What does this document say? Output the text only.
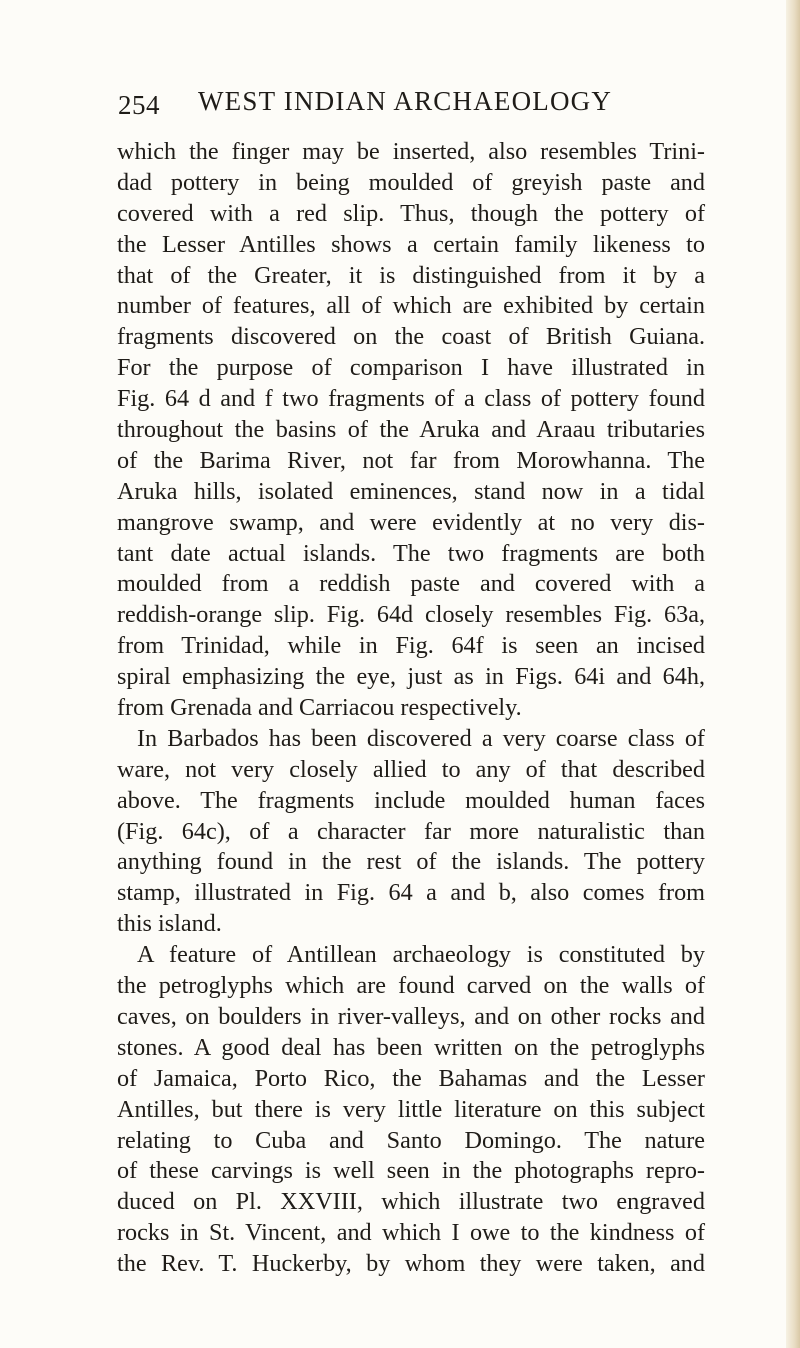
254 WEST INDIAN ARCHAEOLOGY
which the finger may be inserted, also resembles Trini-
dad pottery in being moulded of greyish paste and
covered with a red slip. Thus, though the pottery of
the Lesser Antilles shows a certain family likeness to
that of the Greater, it is distinguished from it by a
number of features, all of which are exhibited by certain
fragments discovered on the coast of British Guiana.
For the purpose of comparison I have illustrated in
Fig. 64 d and f two fragments of a class of pottery found
throughout the basins of the Aruka and Araau tributaries
of the Barima River, not far from Morowhanna. The
Aruka hills, isolated eminences, stand now in a tidal
mangrove swamp, and were evidently at no very dis-
tant date actual islands. The two fragments are both
moulded from a reddish paste and covered with a
reddish-orange slip. Fig. 64d closely resembles Fig. 63a,
from Trinidad, while in Fig. 64f is seen an incised
spiral emphasizing the eye, just as in Figs. 64i and 64h,
from Grenada and Carriacou respectively.
In Barbados has been discovered a very coarse class of
ware, not very closely allied to any of that described
above. The fragments include moulded human faces
(Fig. 64c), of a character far more naturalistic than
anything found in the rest of the islands. The pottery
stamp, illustrated in Fig. 64 a and b, also comes from
this island.
A feature of Antillean archaeology is constituted by
the petroglyphs which are found carved on the walls of
caves, on boulders in river-valleys, and on other rocks and
stones. A good deal has been written on the petroglyphs
of Jamaica, Porto Rico, the Bahamas and the Lesser
Antilles, but there is very little literature on this subject
relating to Cuba and Santo Domingo. The nature
of these carvings is well seen in the photographs repro-
duced on Pl. XXVIII, which illustrate two engraved
rocks in St. Vincent, and which I owe to the kindness of
the Rev. T. Huckerby, by whom they were taken, and
